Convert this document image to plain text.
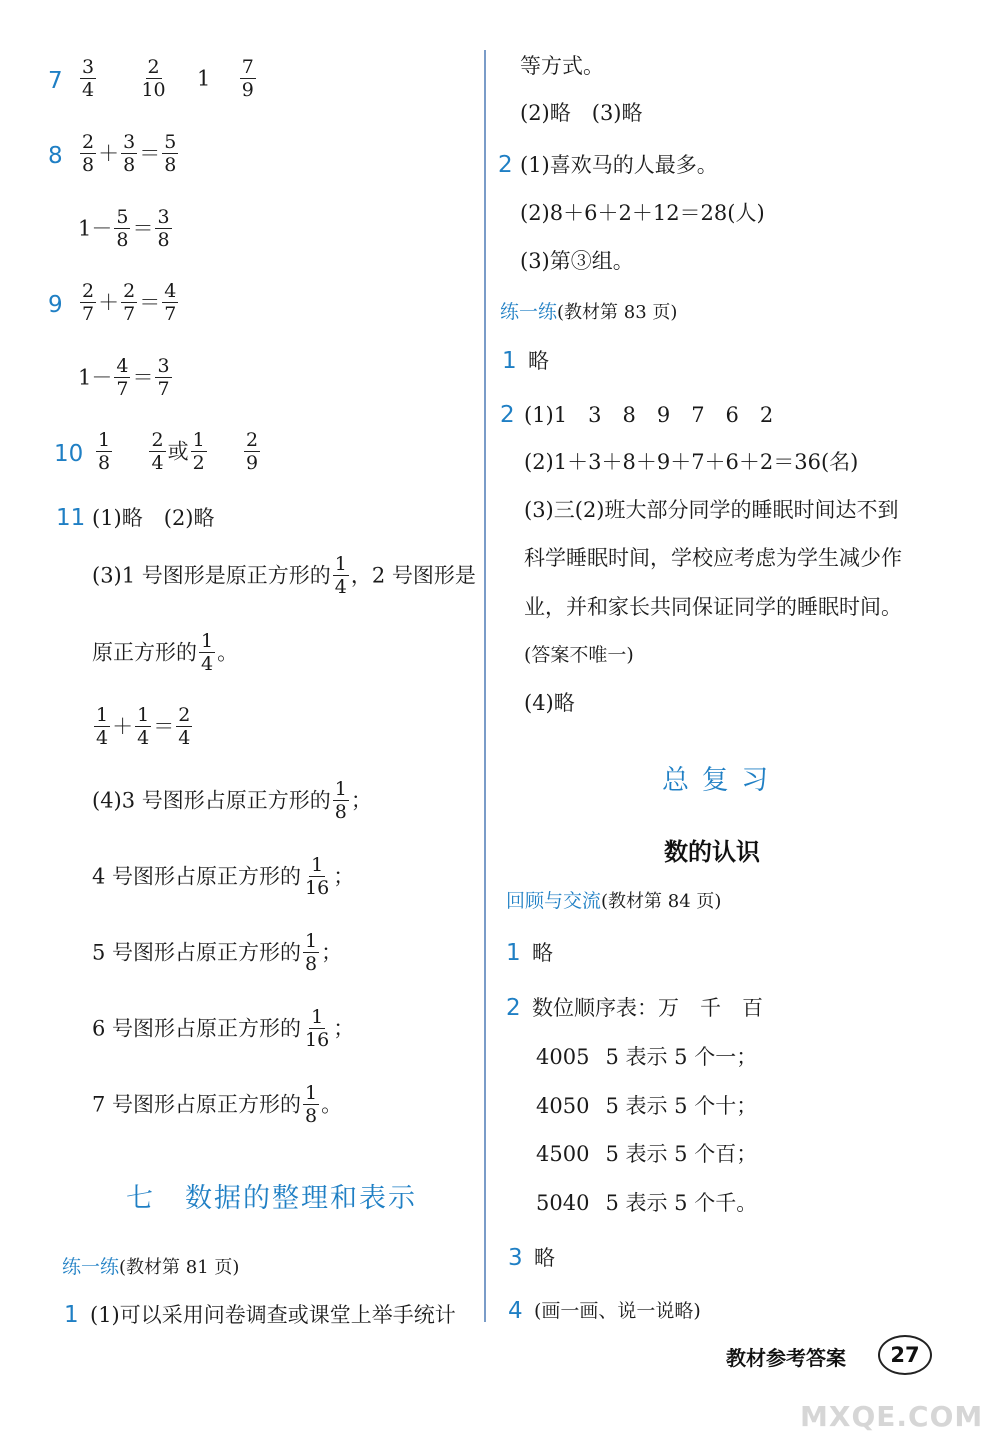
$7 \frac{3}{4}$
$\frac{2}{10} 1 \frac{7}{9}$
$8 \frac{2}{8} + \frac{3}{8} = \frac{5}{8}$
$1- \frac{5}{8} = \frac{3}{8}$
$9 \frac{2}{7} + \frac{2}{7} = \frac{4}{7}$
$1- \frac{4}{7} = \frac{3}{7}$
$10 \frac{1}{8}$
$\frac{2}{4}$ 或 $\frac{1}{2}$
$\frac{2}{9}$
11 (1)略　(2)略
(3)1 号图形是原正方形的 $\frac{1}{4}$ ，2 号图形是
原正方形的 $\frac{1}{4}$ 。
$\frac{1}{4} + \frac{1}{4} = \frac{2}{4}$
(4)3 号图形占原正方形的 $\frac{1}{8}$ ；
4 号图形占原正方形的 $\frac{1}{16}$ ；
5 号图形占原正方形的 $\frac{1}{8}$ ；
6 号图形占原正方形的 $\frac{1}{16}$ ；
7 号图形占原正方形的 $\frac{1}{8}$ 。
七 数据的整理和表示
练一练(教材第 81 页)
1 (1)可以采用问卷调查或课堂上举手统计
等方式。
(2)略　(3)略
2 (1)喜欢马的人最多。
(2)8＋6＋2＋12＝28(人)
(3)第③组。
练一练(教材第 83 页)
1 略
2 (1)1　3　8　9　7　6　2
(2)1＋3＋8＋9＋7＋6＋2＝36(名)
(3)三(2)班大部分同学的睡眠时间达不到
科学睡眠时间，学校应考虑为学生减少作
业，并和家长共同保证同学的睡眠时间。
(答案不唯一)
(4)略
总 复 习
数的认识
回顾与交流(教材第 84 页)
1 略
2 数位顺序表：万　千　百
4005 5 表示 5 个一；
4050 5 表示 5 个十；
4500 5 表示 5 个百；
5040 5 表示 5 个千。
3 略
4 (画一画、说一说略)
教材参考答案	27
MXQE.COM
